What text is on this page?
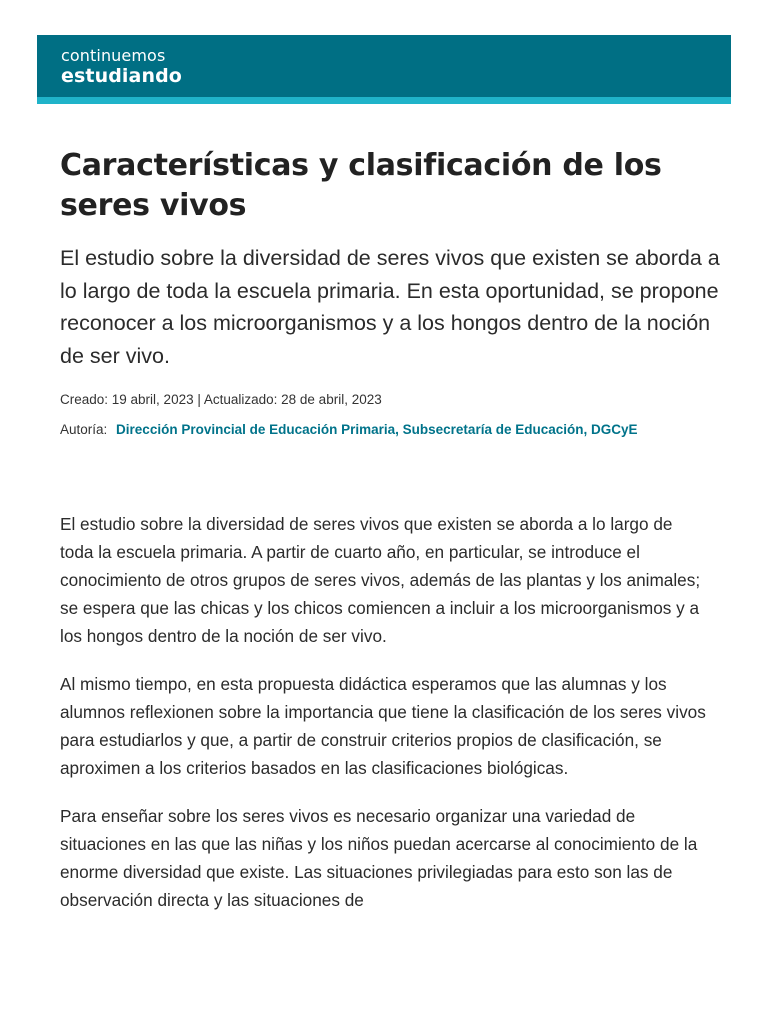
continuemos
estudiando
Características y clasificación de los seres vivos

El estudio sobre la diversidad de seres vivos que existen se aborda a lo largo de toda la escuela primaria. En esta oportunidad, se propone reconocer a los microorganismos y a los hongos dentro de la noción de ser vivo.

Creado: 19 abril, 2023 | Actualizado: 28 de abril, 2023

Autoría: Dirección Provincial de Educación Primaria, Subsecretaría de Educación, DGCyE

El estudio sobre la diversidad de seres vivos que existen se aborda a lo largo de toda la escuela primaria. A partir de cuarto año, en particular, se introduce el conocimiento de otros grupos de seres vivos, además de las plantas y los animales; se espera que las chicas y los chicos comiencen a incluir a los microorganismos y a los hongos dentro de la noción de ser vivo.

Al mismo tiempo, en esta propuesta didáctica esperamos que las alumnas y los alumnos reflexionen sobre la importancia que tiene la clasificación de los seres vivos para estudiarlos y que, a partir de construir criterios propios de clasificación, se aproximen a los criterios basados en las clasificaciones biológicas.

Para enseñar sobre los seres vivos es necesario organizar una variedad de situaciones en las que las niñas y los niños puedan acercarse al conocimiento de la enorme diversidad que existe. Las situaciones privilegiadas para esto son las de observación directa y las situaciones de
